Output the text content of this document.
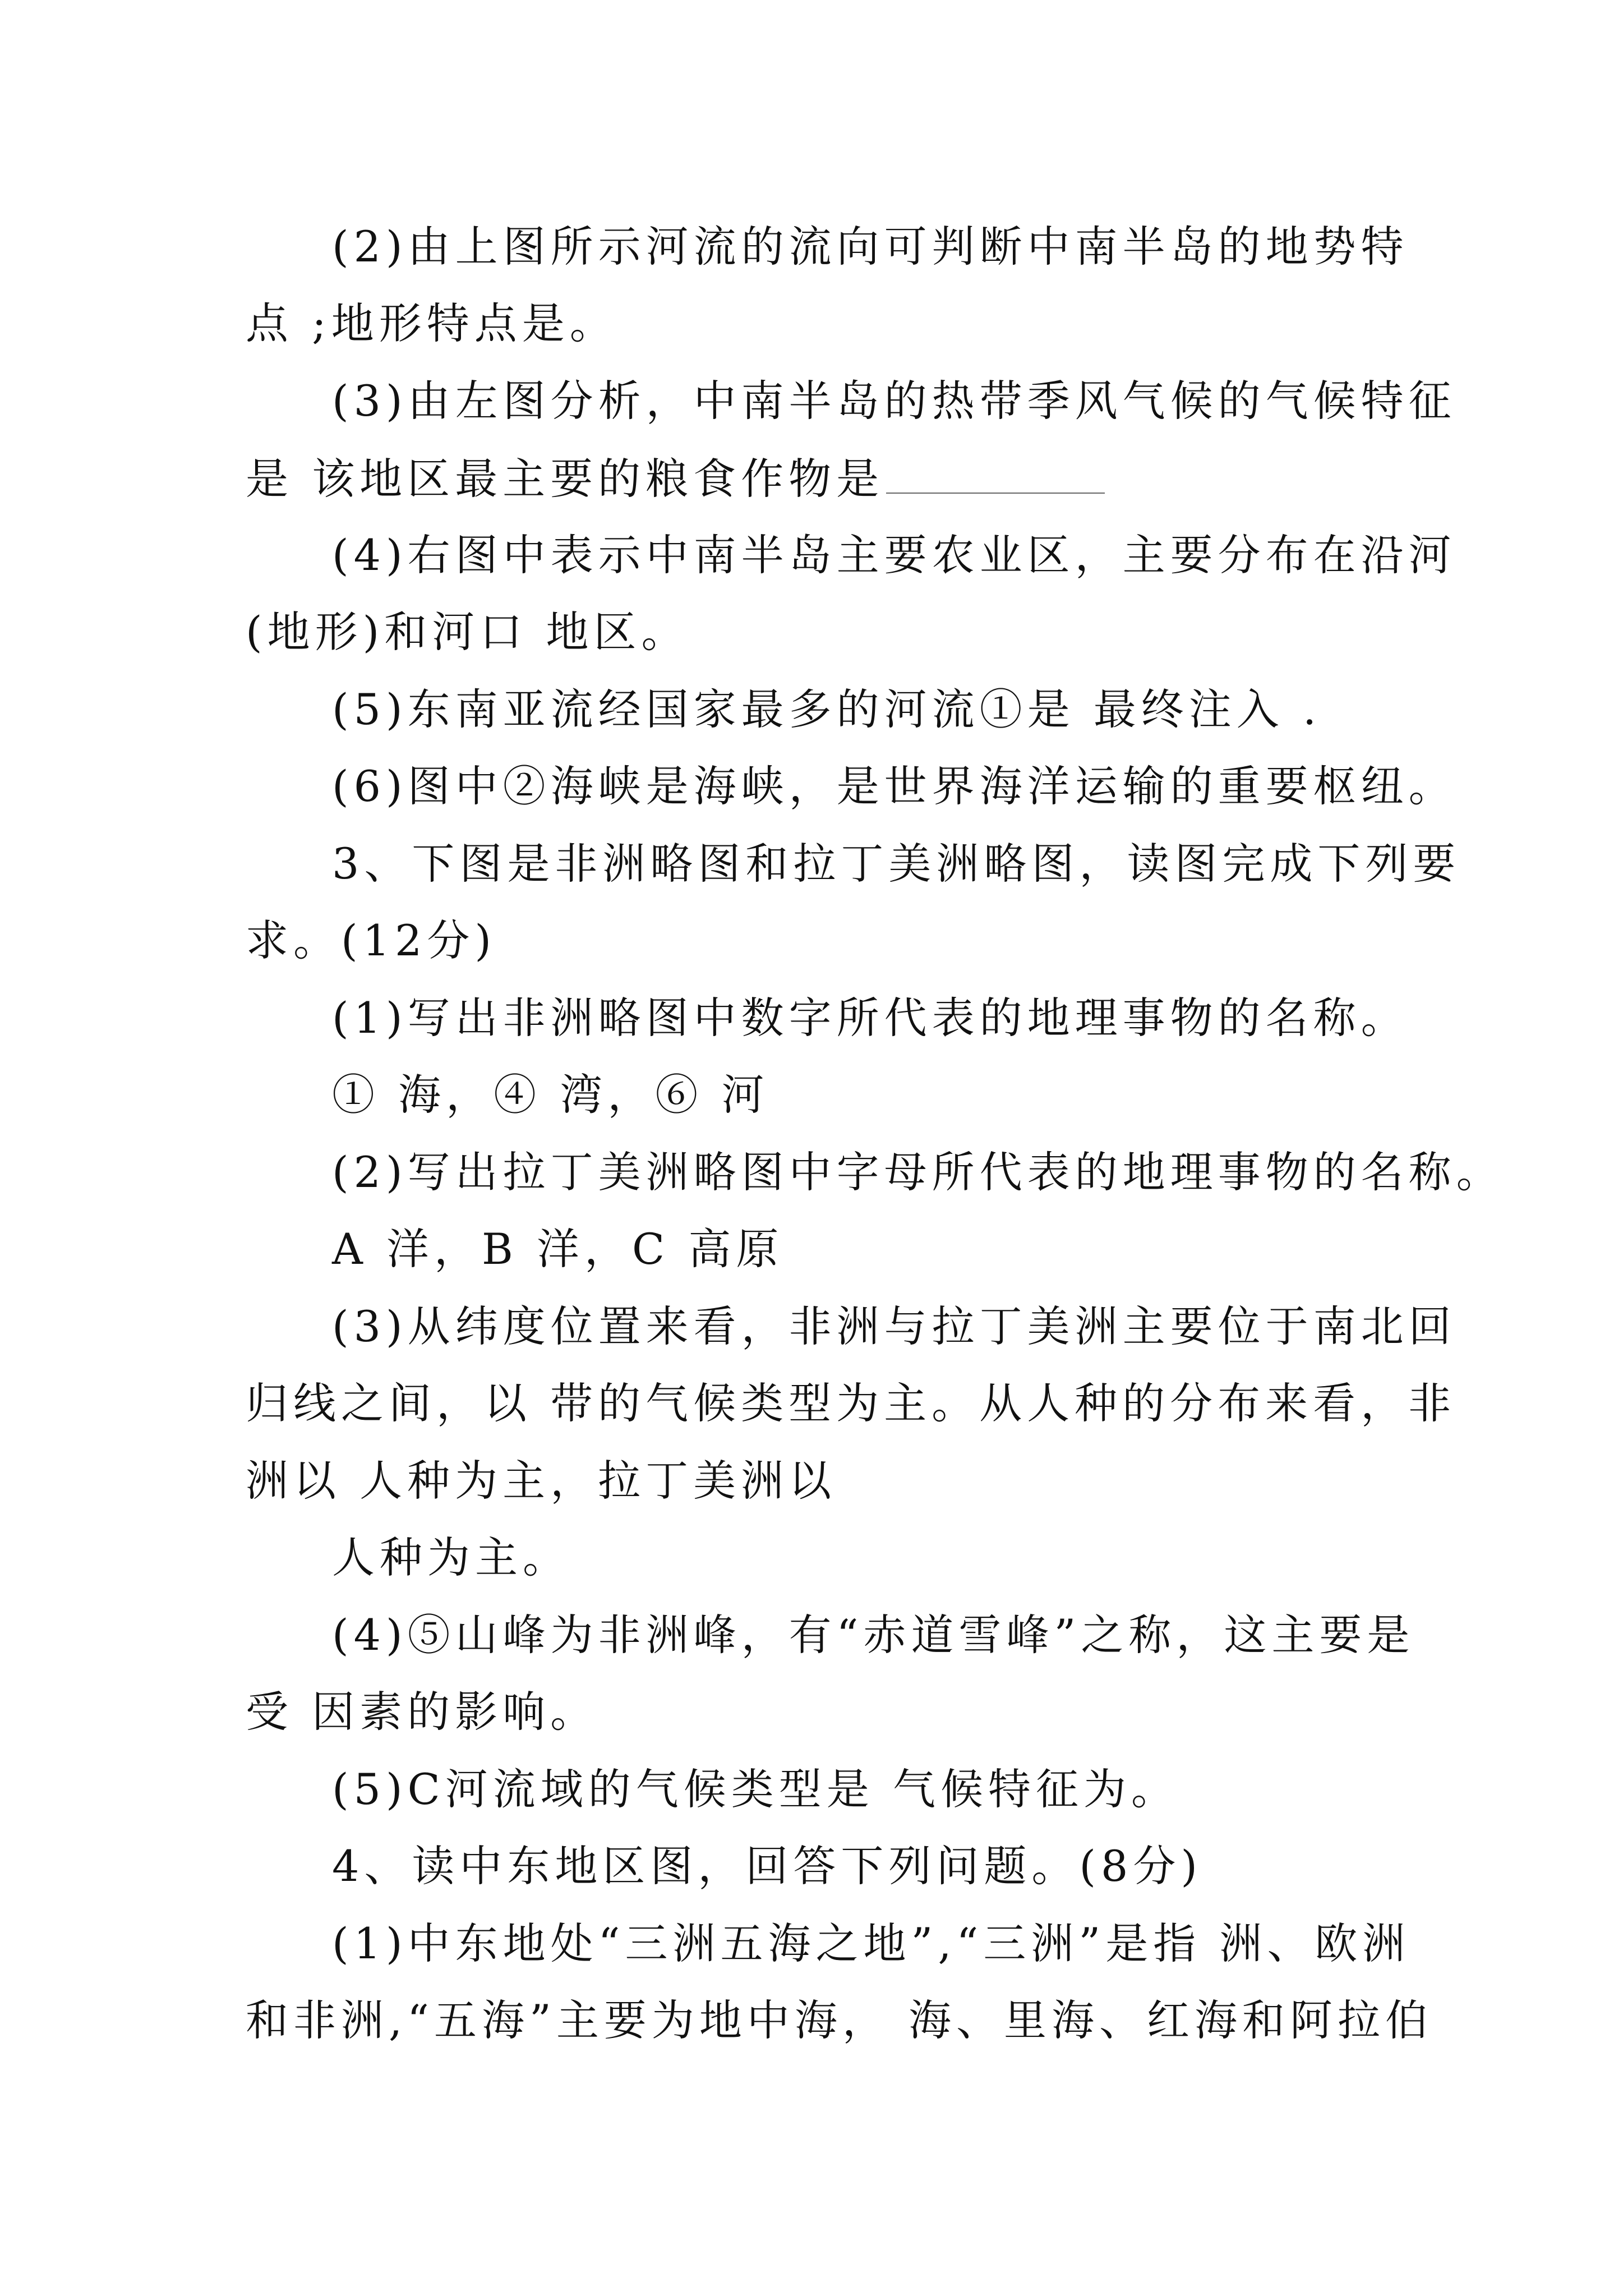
(2)由上图所示河流的流向可判断中南半岛的地势特

点 ;地形特点是。

(3)由左图分析，中南半岛的热带季风气候的气候特征

是 该地区最主要的粮食作物是

(4)右图中表示中南半岛主要农业区，主要分布在沿河

(地形)和河口 地区。

(5)东南亚流经国家最多的河流①是 最终注入 .

(6)图中②海峡是海峡，是世界海洋运输的重要枢纽。

3、下图是非洲略图和拉丁美洲略图，读图完成下列要

求。(12分)

(1)写出非洲略图中数字所代表的地理事物的名称。

① 海，④ 湾，⑥ 河

(2)写出拉丁美洲略图中字母所代表的地理事物的名称。

A 洋，B 洋，C 高原

(3)从纬度位置来看，非洲与拉丁美洲主要位于南北回

归线之间，以 带的气候类型为主。从人种的分布来看，非

洲以 人种为主，拉丁美洲以

人种为主。

(4)⑤山峰为非洲峰，有“赤道雪峰”之称，这主要是

受 因素的影响。

(5)C河流域的气候类型是 气候特征为。

4、读中东地区图，回答下列问题。(8分)

(1)中东地处“三洲五海之地”,“三洲”是指 洲、欧洲

和非洲,“五海”主要为地中海， 海、里海、红海和阿拉伯
